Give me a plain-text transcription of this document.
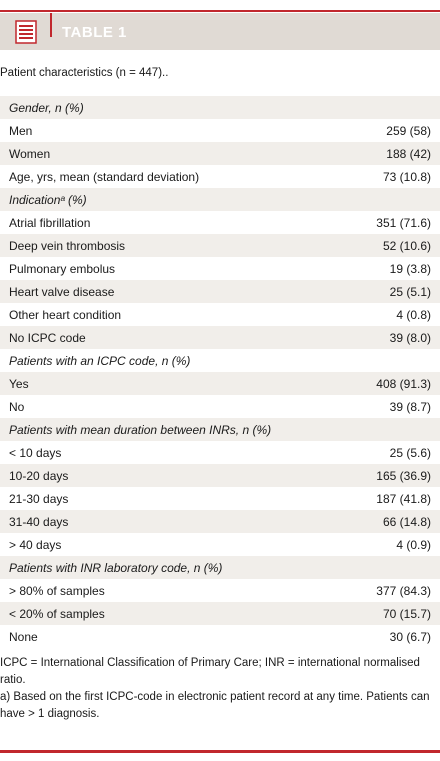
TABLE 1
Patient characteristics (n = 447)..
Gender, n (%)
Men	259 (58)
Women	188 (42)
Age, yrs, mean (standard deviation)	73 (10.8)
Indicationᵃ (%)
Atrial fibrillation	351 (71.6)
Deep vein thrombosis	52 (10.6)
Pulmonary embolus	19 (3.8)
Heart valve disease	25 (5.1)
Other heart condition	4 (0.8)
No ICPC code	39 (8.0)
Patients with an ICPC code, n (%)
Yes	408 (91.3)
No	39 (8.7)
Patients with mean duration between INRs, n (%)
< 10 days	25 (5.6)
10-20 days	165 (36.9)
21-30 days	187 (41.8)
31-40 days	66 (14.8)
> 40 days	4 (0.9)
Patients with INR laboratory code, n (%)
> 80% of samples	377 (84.3)
< 20% of samples	70 (15.7)
None	30 (6.7)
ICPC = International Classification of Primary Care; INR = international normalised ratio.
a) Based on the first ICPC-code in electronic patient record at any time. Patients can have > 1 diagnosis.
